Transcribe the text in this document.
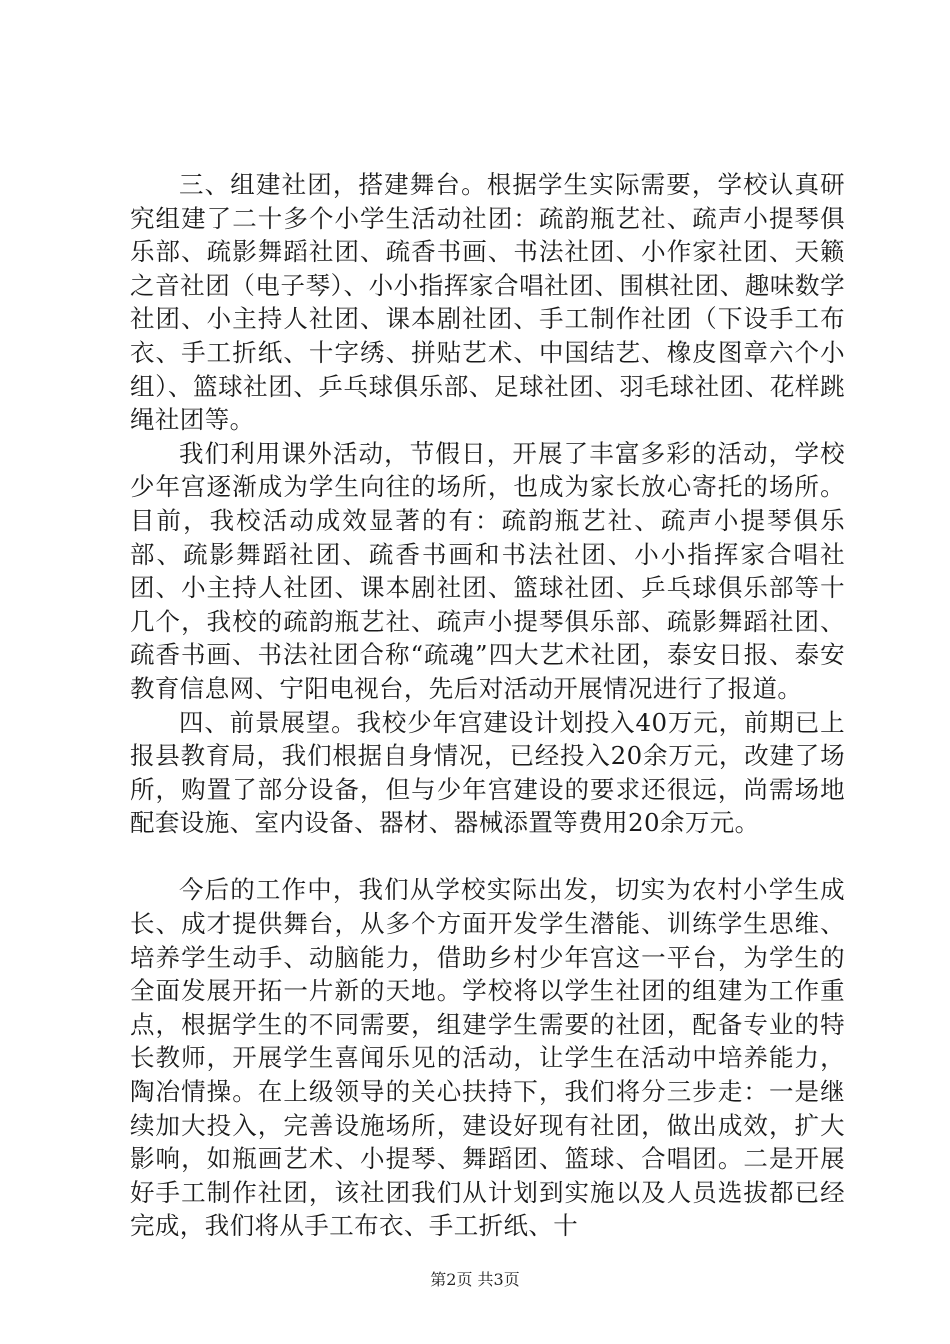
三、组建社团，搭建舞台。根据学生实际需要，学校认真研究组建了二十多个小学生活动社团：疏韵瓶艺社、疏声小提琴俱乐部、疏影舞蹈社团、疏香书画、书法社团、小作家社团、天籁之音社团（电子琴）、小小指挥家合唱社团、围棋社团、趣味数学社团、小主持人社团、课本剧社团、手工制作社团（下设手工布衣、手工折纸、十字绣、拼贴艺术、中国结艺、橡皮图章六个小组）、篮球社团、乒乓球俱乐部、足球社团、羽毛球社团、花样跳绳社团等。

我们利用课外活动，节假日，开展了丰富多彩的活动，学校少年宫逐渐成为学生向往的场所，也成为家长放心寄托的场所。目前，我校活动成效显著的有：疏韵瓶艺社、疏声小提琴俱乐部、疏影舞蹈社团、疏香书画和书法社团、小小指挥家合唱社团、小主持人社团、课本剧社团、篮球社团、乒乓球俱乐部等十几个，我校的疏韵瓶艺社、疏声小提琴俱乐部、疏影舞蹈社团、疏香书画、书法社团合称“疏魂”四大艺术社团，泰安日报、泰安教育信息网、宁阳电视台，先后对活动开展情况进行了报道。

四、前景展望。我校少年宫建设计划投入40万元，前期已上报县教育局，我们根据自身情况，已经投入20余万元，改建了场所，购置了部分设备，但与少年宫建设的要求还很远，尚需场地配套设施、室内设备、器材、器械添置等费用20余万元。

今后的工作中，我们从学校实际出发，切实为农村小学生成长、成才提供舞台，从多个方面开发学生潜能、训练学生思维、培养学生动手、动脑能力，借助乡村少年宫这一平台，为学生的全面发展开拓一片新的天地。学校将以学生社团的组建为工作重点，根据学生的不同需要，组建学生需要的社团，配备专业的特长教师，开展学生喜闻乐见的活动，让学生在活动中培养能力，陶冶情操。在上级领导的关心扶持下，我们将分三步走：一是继续加大投入，完善设施场所，建设好现有社团，做出成效，扩大影响，如瓶画艺术、小提琴、舞蹈团、篮球、合唱团。二是开展好手工制作社团，该社团我们从计划到实施以及人员选拔都已经完成，我们将从手工布衣、手工折纸、十

第2页 共3页
